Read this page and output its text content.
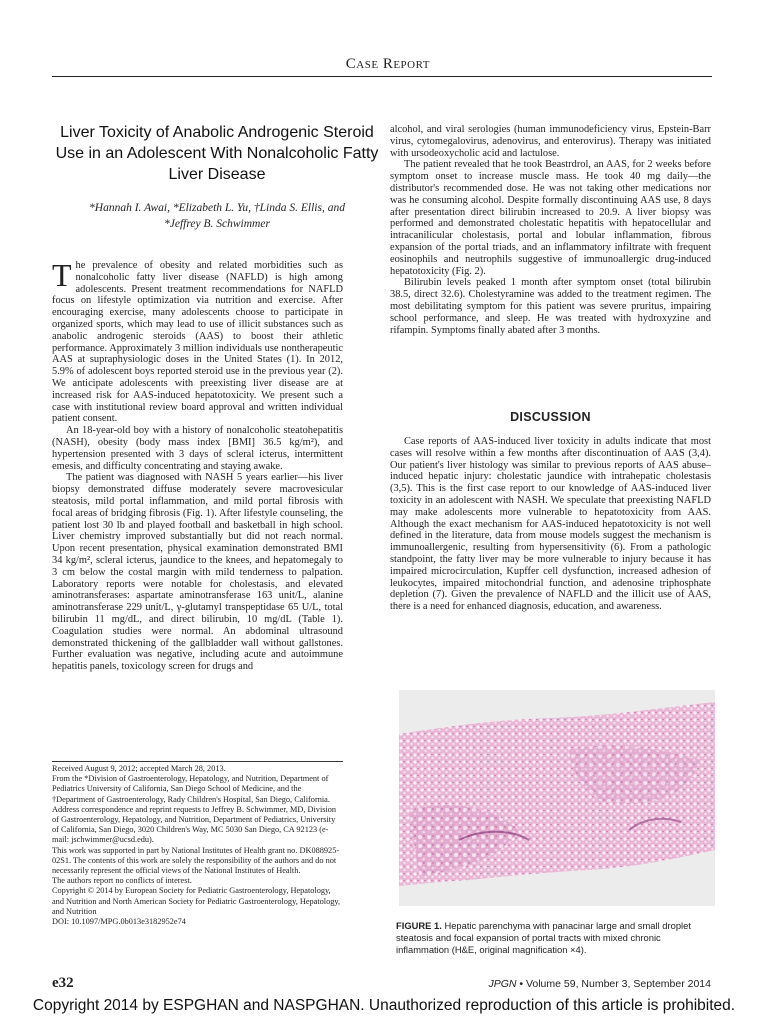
Case Report
Liver Toxicity of Anabolic Androgenic Steroid Use in an Adolescent With Nonalcoholic Fatty Liver Disease
*Hannah I. Awai, *Elizabeth L. Yu, †Linda S. Ellis, and
*Jeffrey B. Schwimmer

The prevalence of obesity and related morbidities such as nonalcoholic fatty liver disease (NAFLD) is high among adolescents. Present treatment recommendations for NAFLD focus on lifestyle optimization via nutrition and exercise. After encouraging exercise, many adolescents choose to participate in organized sports, which may lead to use of illicit substances such as anabolic androgenic steroids (AAS) to boost their athletic performance. Approximately 3 million individuals use nontherapeutic AAS at supraphysiologic doses in the United States (1). In 2012, 5.9% of adolescent boys reported steroid use in the previous year (2). We anticipate adolescents with preexisting liver disease are at increased risk for AAS-induced hepatotoxicity. We present such a case with institutional review board approval and written individual patient consent.

An 18-year-old boy with a history of nonalcoholic steatohepatitis (NASH), obesity (body mass index [BMI] 36.5 kg/m²), and hypertension presented with 3 days of scleral icterus, intermittent emesis, and difficulty concentrating and staying awake.

The patient was diagnosed with NASH 5 years earlier—his liver biopsy demonstrated diffuse moderately severe macrovesicular steatosis, mild portal inflammation, and mild portal fibrosis with focal areas of bridging fibrosis (Fig. 1). After lifestyle counseling, the patient lost 30 lb and played football and basketball in high school. Liver chemistry improved substantially but did not reach normal. Upon recent presentation, physical examination demonstrated BMI 34 kg/m², scleral icterus, jaundice to the knees, and hepatomegaly to 3 cm below the costal margin with mild tenderness to palpation. Laboratory reports were notable for cholestasis, and elevated aminotransferases: aspartate aminotransferase 163 unit/L, alanine aminotransferase 229 unit/L, γ-glutamyl transpeptidase 65 U/L, total bilirubin 11 mg/dL, and direct bilirubin, 10 mg/dL (Table 1). Coagulation studies were normal. An abdominal ultrasound demonstrated thickening of the gallbladder wall without gallstones. Further evaluation was negative, including acute and autoimmune hepatitis panels, toxicology screen for drugs and

alcohol, and viral serologies (human immunodeficiency virus, Epstein-Barr virus, cytomegalovirus, adenovirus, and enterovirus). Therapy was initiated with ursodeoxycholic acid and lactulose.

The patient revealed that he took Beastrdrol, an AAS, for 2 weeks before symptom onset to increase muscle mass. He took 40 mg daily—the distributor's recommended dose. He was not taking other medications nor was he consuming alcohol. Despite formally discontinuing AAS use, 8 days after presentation direct bilirubin increased to 20.9. A liver biopsy was performed and demonstrated cholestatic hepatitis with hepatocellular and intracanilicular cholestasis, portal and lobular inflammation, fibrous expansion of the portal triads, and an inflammatory infiltrate with frequent eosinophils and neutrophils suggestive of immunoallergic drug-induced hepatotoxicity (Fig. 2).

Bilirubin levels peaked 1 month after symptom onset (total bilirubin 38.5, direct 32.6). Cholestyramine was added to the treatment regimen. The most debilitating symptom for this patient was severe pruritus, impairing school performance, and sleep. He was treated with hydroxyzine and rifampin. Symptoms finally abated after 3 months.

DISCUSSION

Case reports of AAS-induced liver toxicity in adults indicate that most cases will resolve within a few months after discontinuation of AAS (3,4). Our patient's liver histology was similar to previous reports of AAS abuse–induced hepatic injury: cholestatic jaundice with intrahepatic cholestasis (3,5). This is the first case report to our knowledge of AAS-induced liver toxicity in an adolescent with NASH. We speculate that preexisting NAFLD may make adolescents more vulnerable to hepatotoxicity from AAS. Although the exact mechanism for AAS-induced hepatotoxicity is not well defined in the literature, data from mouse models suggest the mechanism is immunoallergenic, resulting from hypersensitivity (6). From a pathologic standpoint, the fatty liver may be more vulnerable to injury because it has impaired microcirculation, Kupffer cell dysfunction, increased adhesion of leukocytes, impaired mitochondrial function, and adenosine triphosphate depletion (7). Given the prevalence of NAFLD and the illicit use of AAS, there is a need for enhanced diagnosis, education, and awareness.

Received August 9, 2012; accepted March 28, 2013.
From the *Division of Gastroenterology, Hepatology, and Nutrition, Department of Pediatrics University of California, San Diego School of Medicine, and the †Department of Gastroenterology, Rady Children's Hospital, San Diego, California.
Address correspondence and reprint requests to Jeffrey B. Schwimmer, MD, Division of Gastroenterology, Hepatology, and Nutrition, Department of Pediatrics, University of California, San Diego, 3020 Children's Way, MC 5030 San Diego, CA 92123 (e-mail: jschwimmer@ucsd.edu).
This work was supported in part by National Institutes of Health grant no. DK088925-02S1. The contents of this work are solely the responsibility of the authors and do not necessarily represent the official views of the National Institutes of Health.
The authors report no conflicts of interest.
Copyright © 2014 by European Society for Pediatric Gastroenterology, Hepatology, and Nutrition and North American Society for Pediatric Gastroenterology, Hepatology, and Nutrition
DOI: 10.1097/MPG.0b013e3182952e74	FIGURE 1. Hepatic parenchyma with panacinar large and small droplet steatosis and focal expansion of portal tracts with mixed chronic inflammation (H&E, original magnification ×4).
e32	JPGN • Volume 59, Number 3, September 2014
Copyright 2014 by ESPGHAN and NASPGHAN. Unauthorized reproduction of this article is prohibited.
